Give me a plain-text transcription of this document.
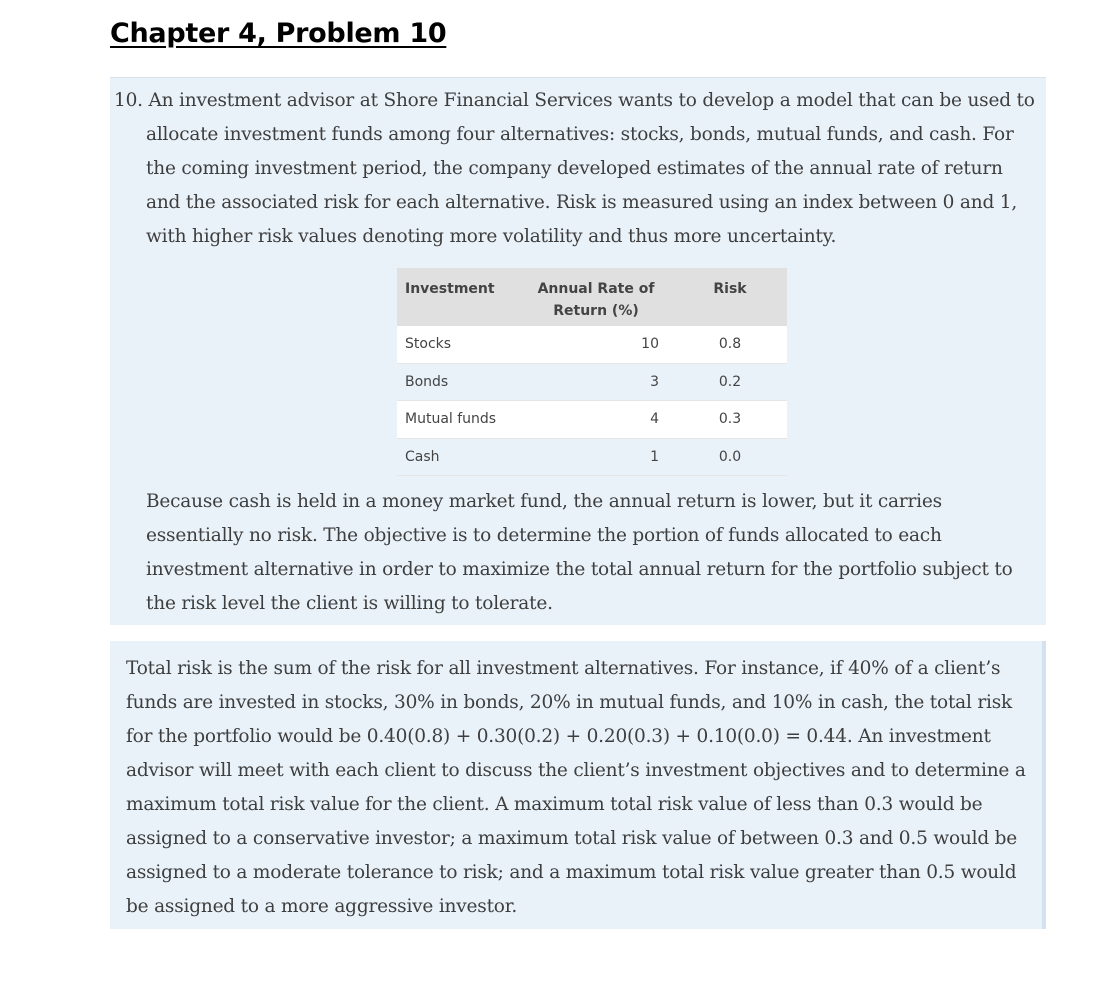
Chapter 4, Problem 10

10. An investment advisor at Shore Financial Services wants to develop a model that can be used to allocate investment funds among four alternatives: stocks, bonds, mutual funds, and cash. For the coming investment period, the company developed estimates of the annual rate of return and the associated risk for each alternative. Risk is measured using an index between 0 and 1, with higher risk values denoting more volatility and thus more uncertainty.

Investment	Annual Rate of Return (%)	Risk

Stocks	10	0.8
Bonds	3	0.2
Mutual funds	4	0.3
Cash	1	0.0

Because cash is held in a money market fund, the annual return is lower, but it carries essentially no risk. The objective is to determine the portion of funds allocated to each investment alternative in order to maximize the total annual return for the portfolio subject to the risk level the client is willing to tolerate.

Total risk is the sum of the risk for all investment alternatives. For instance, if 40% of a client’s funds are invested in stocks, 30% in bonds, 20% in mutual funds, and 10% in cash, the total risk for the portfolio would be 0.40(0.8) + 0.30(0.2) + 0.20(0.3) + 0.10(0.0) = 0.44. An investment advisor will meet with each client to discuss the client’s investment objectives and to determine a maximum total risk value for the client. A maximum total risk value of less than 0.3 would be assigned to a conservative investor; a maximum total risk value of between 0.3 and 0.5 would be assigned to a moderate tolerance to risk; and a maximum total risk value greater than 0.5 would be assigned to a more aggressive investor.
